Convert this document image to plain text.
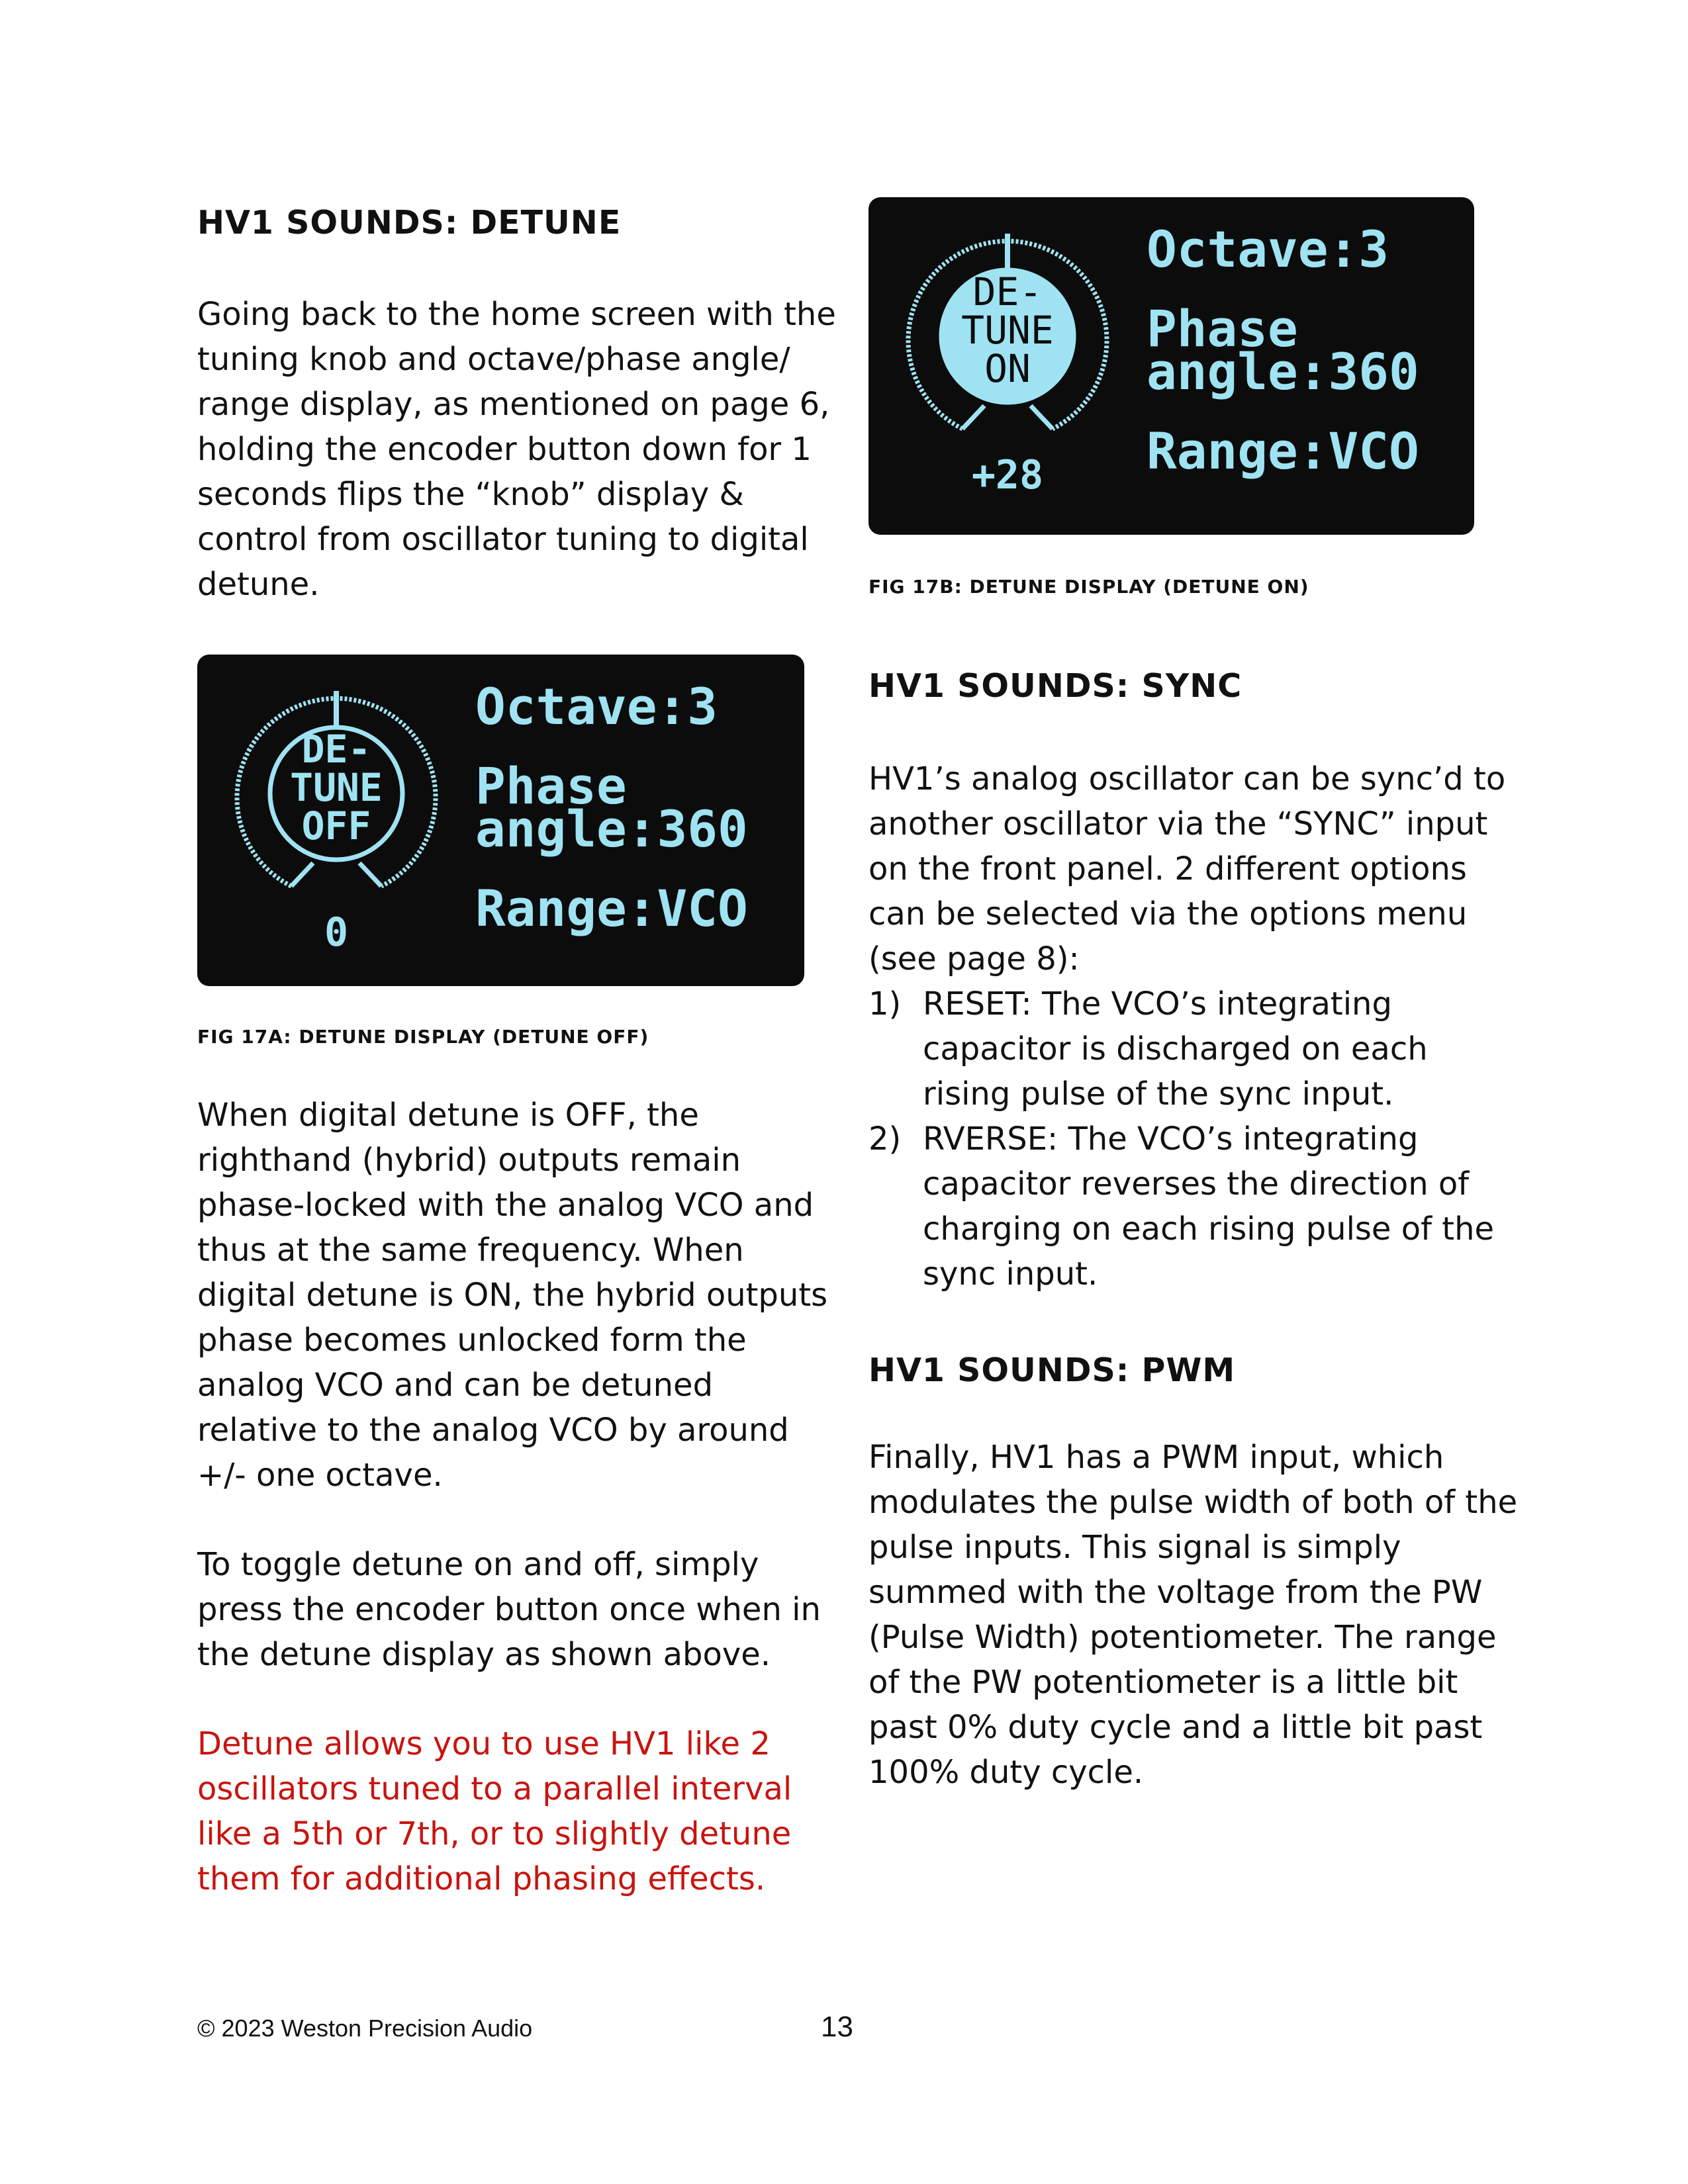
HV1 SOUNDS: DETUNE
Going back to the home screen with the
tuning knob and octave/phase angle/
range display, as mentioned on page 6,
holding the encoder button down for 1
seconds flips the “knob” display &
control from oscillator tuning to digital
detune.
DE-
TUNE
OFF
0
Octave:3
Phase
angle:360
Range:VCO
FIG 17A: DETUNE DISPLAY (DETUNE OFF)
When digital detune is OFF, the
righthand (hybrid) outputs remain
phase-locked with the analog VCO and
thus at the same frequency. When
digital detune is ON, the hybrid outputs
phase becomes unlocked form the
analog VCO and can be detuned
relative to the analog VCO by around
+/- one octave.
To toggle detune on and off, simply
press the encoder button once when in
the detune display as shown above.
Detune allows you to use HV1 like 2
oscillators tuned to a parallel interval
like a 5th or 7th, or to slightly detune
them for additional phasing effects.
DE-
TUNE
ON
+28
Octave:3
Phase
angle:360
Range:VCO
FIG 17B: DETUNE DISPLAY (DETUNE ON)
HV1 SOUNDS: SYNC
HV1’s analog oscillator can be sync’d to
another oscillator via the “SYNC” input
on the front panel. 2 different options
can be selected via the options menu
(see page 8):
1) RESET: The VCO’s integrating
capacitor is discharged on each
rising pulse of the sync input.
2) RVERSE: The VCO’s integrating
capacitor reverses the direction of
charging on each rising pulse of the
sync input.
HV1 SOUNDS: PWM
Finally, HV1 has a PWM input, which
modulates the pulse width of both of the
pulse inputs. This signal is simply
summed with the voltage from the PW
(Pulse Width) potentiometer. The range
of the PW potentiometer is a little bit
past 0% duty cycle and a little bit past
100% duty cycle.
© 2023 Weston Precision Audio	13
